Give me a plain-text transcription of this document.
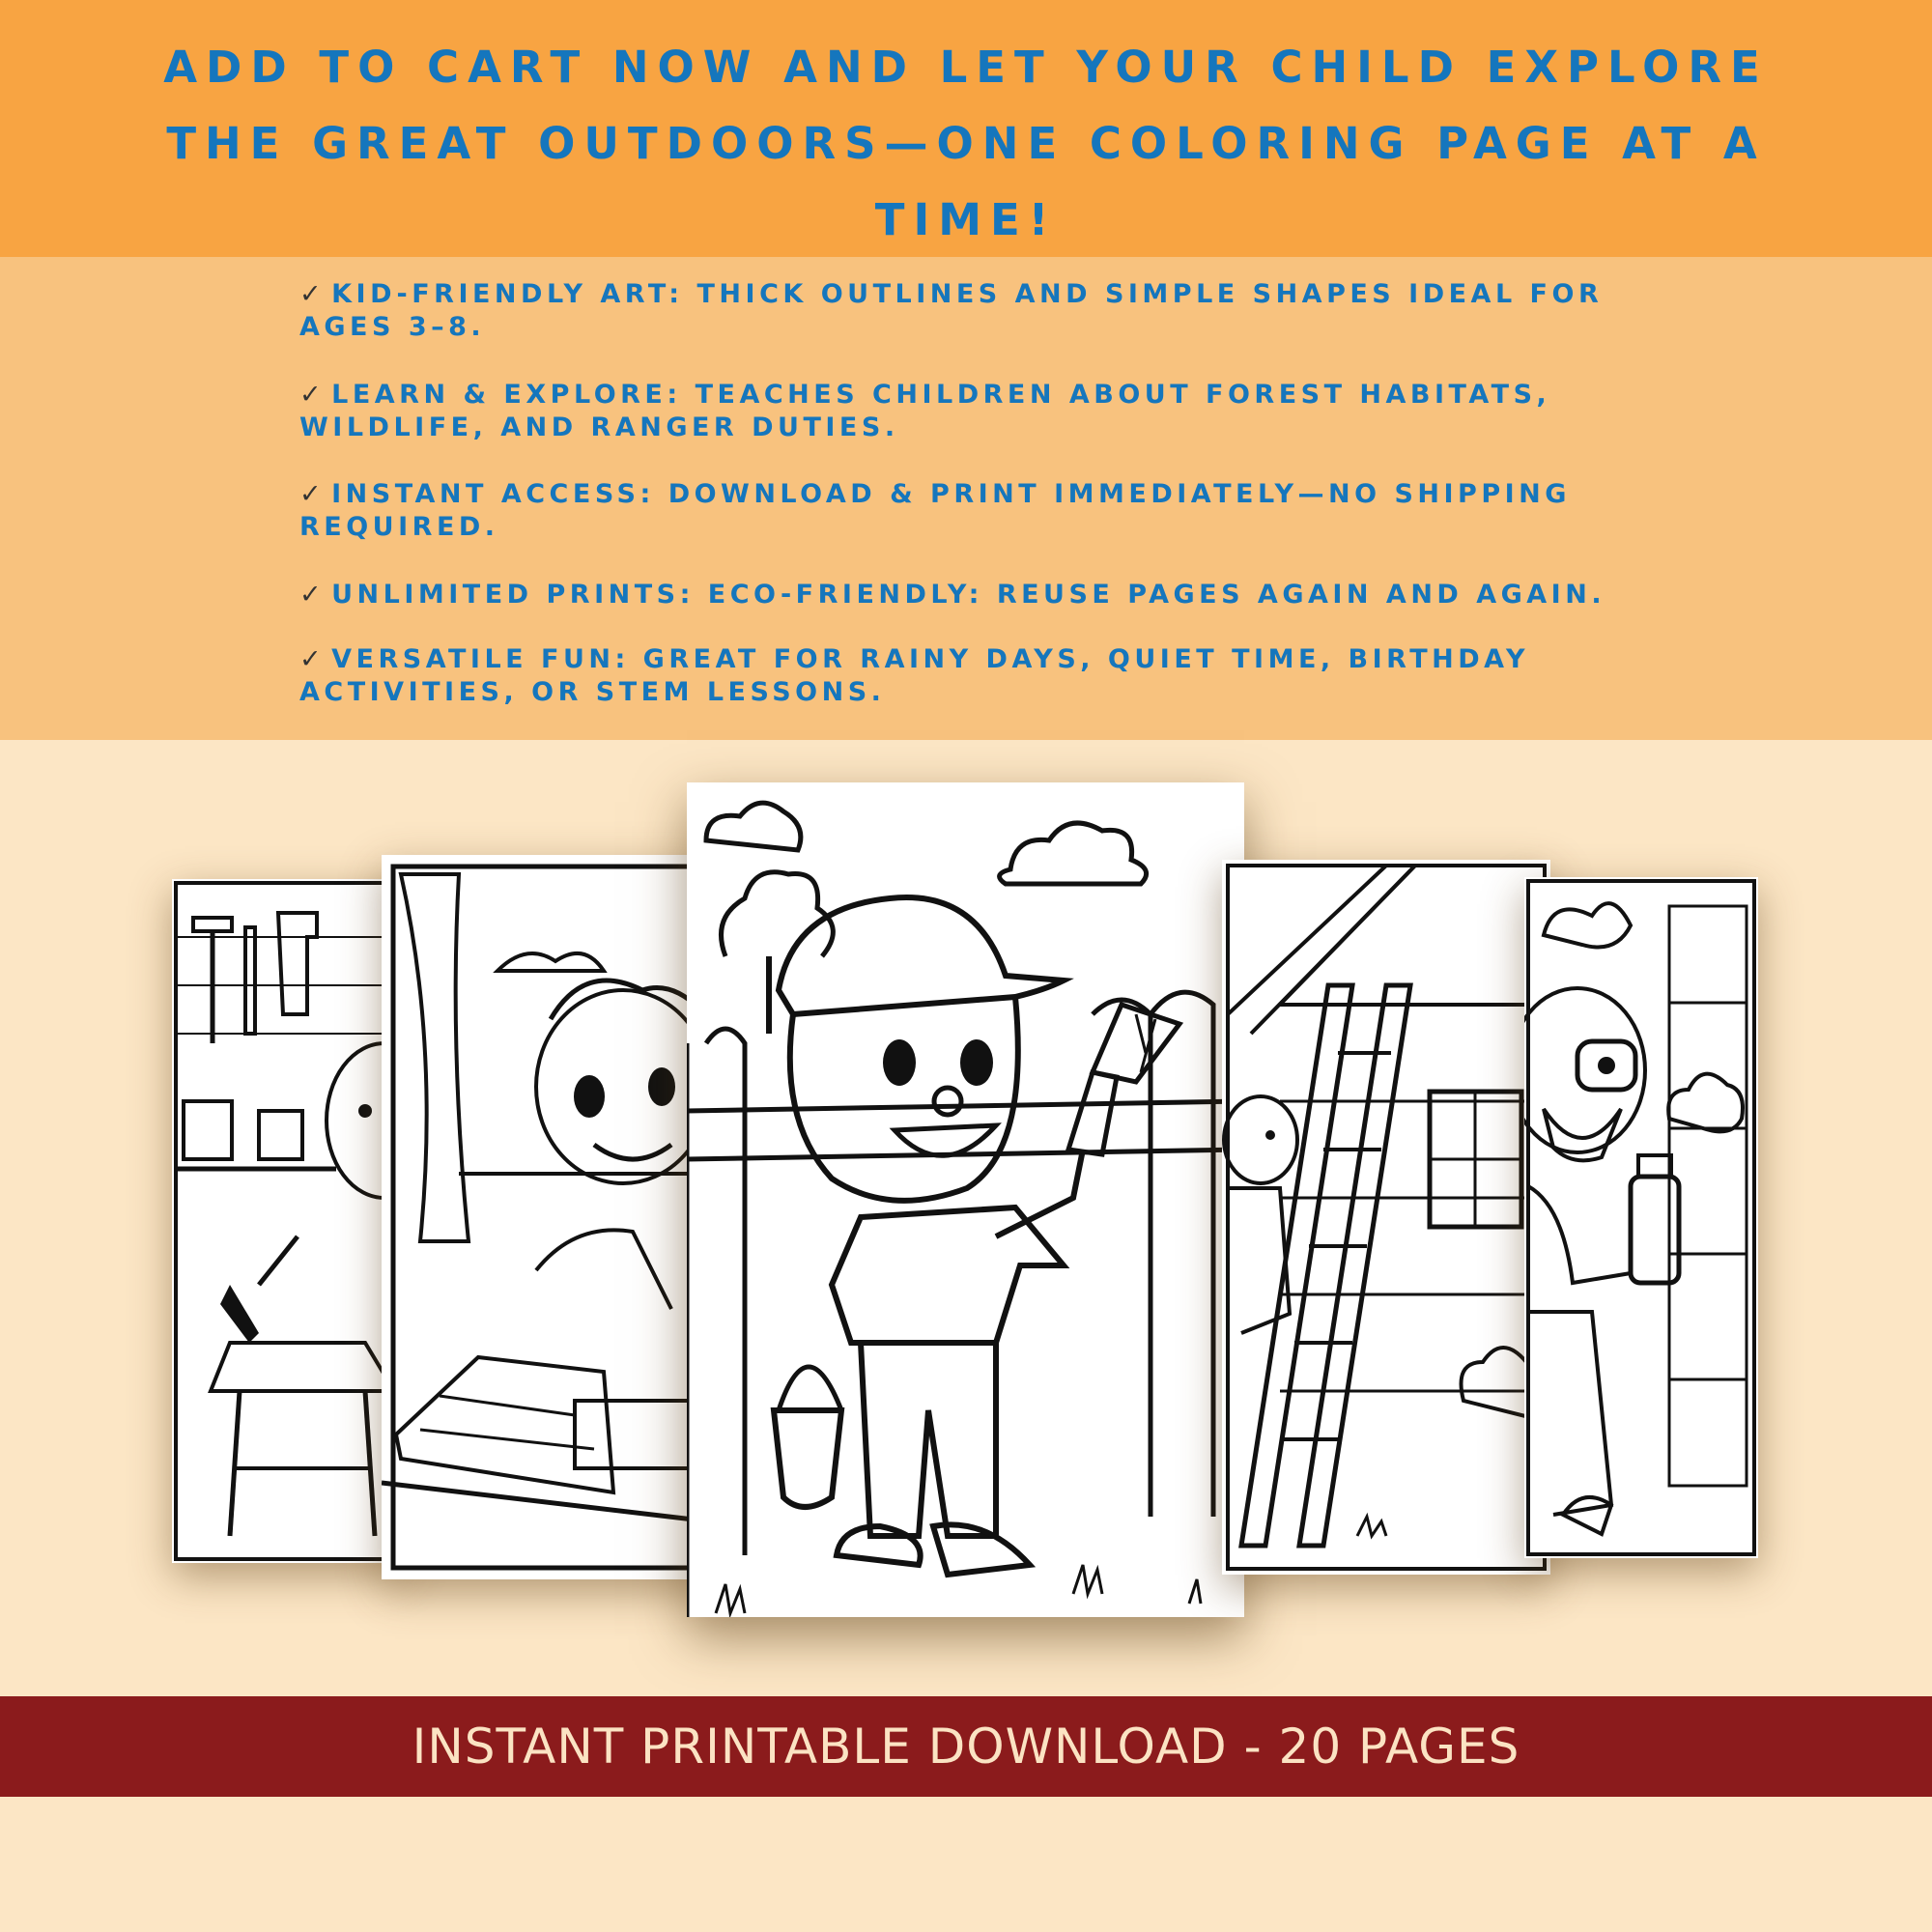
ADD TO CART NOW AND LET YOUR CHILD EXPLORE THE GREAT OUTDOORS—ONE COLORING PAGE AT A TIME!

✓ KID-FRIENDLY ART: THICK OUTLINES AND SIMPLE SHAPES IDEAL FOR AGES 3–8.

✓ LEARN & EXPLORE: TEACHES CHILDREN ABOUT FOREST HABITATS, WILDLIFE, AND RANGER DUTIES.

✓ INSTANT ACCESS: DOWNLOAD & PRINT IMMEDIATELY—NO SHIPPING REQUIRED.

✓ UNLIMITED PRINTS: ECO-FRIENDLY: REUSE PAGES AGAIN AND AGAIN.

✓ VERSATILE FUN: GREAT FOR RAINY DAYS, QUIET TIME, BIRTHDAY ACTIVITIES, OR STEM LESSONS.

INSTANT PRINTABLE DOWNLOAD - 20 PAGES
